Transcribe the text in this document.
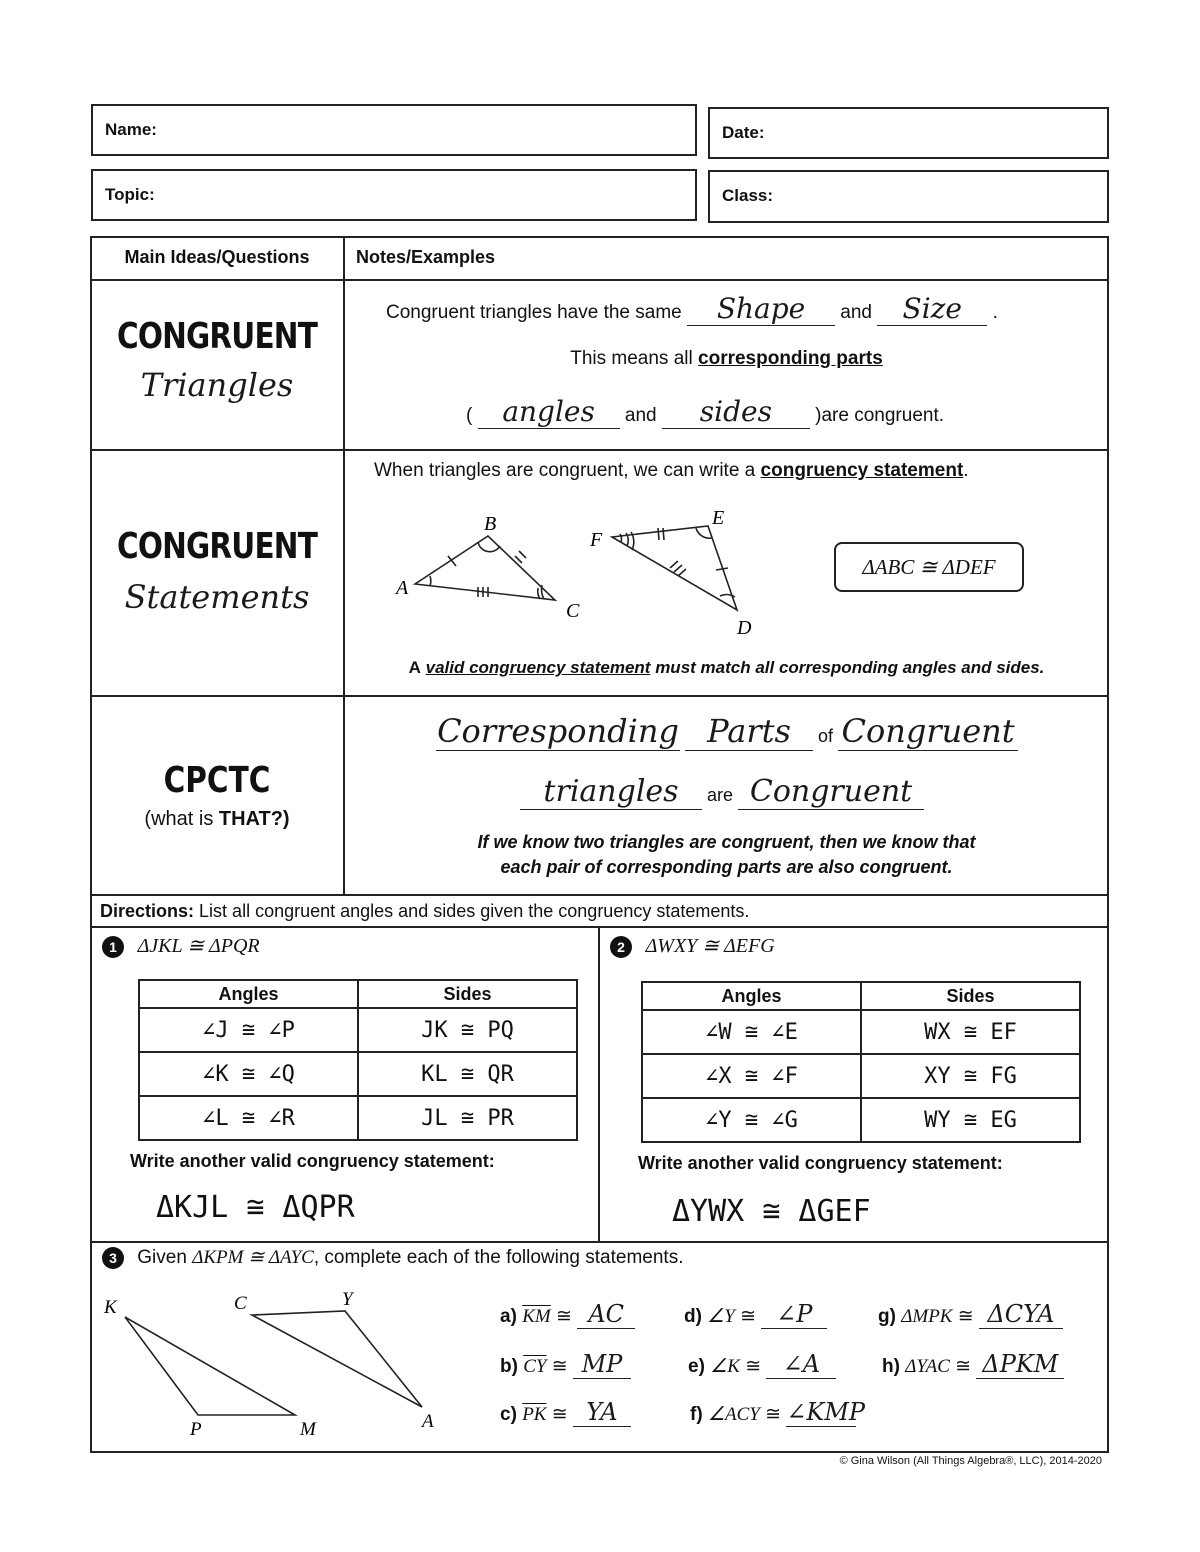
Name:	Date:
Topic:	Class:
Main Ideas/Questions	Notes/Examples
CONGRUENT
Triangles
Congruent triangles have the same Shape and Size .
This means all corresponding parts
( angles and sides )are congruent.
CONGRUENT
Statements
When triangles are congruent, we can write a congruency statement.
A
B
C
D
E
F
ΔABC ≅ ΔDEF
A valid congruency statement must match all corresponding angles and sides.
CPCTC
(what is THAT?)
Corresponding Parts of Congruent
triangles are Congruent
If we know two triangles are congruent, then we know that
each pair of corresponding parts are also congruent.
Directions: List all congruent angles and sides given the congruency statements.
1 ΔJKL ≅ ΔPQR
Angles	Sides
∠J ≅ ∠P	JK ≅ PQ
∠K ≅ ∠Q	KL ≅ QR
∠L ≅ ∠R	JL ≅ PR
Write another valid congruency statement:
ΔKJL ≅ ΔQPR
2 ΔWXY ≅ ΔEFG
Angles	Sides
∠W ≅ ∠E	WX ≅ EF
∠X ≅ ∠F	XY ≅ FG
∠Y ≅ ∠G	WY ≅ EG
Write another valid congruency statement:
ΔYWX ≅ ΔGEF
3 Given ΔKPM ≅ ΔAYC, complete each of the following statements.
K	C	Y
P	M	A
a) $\overline{KM}$ ≅ AC
b) $\overline{CY}$ ≅ MP
c) $\overline{PK}$ ≅ YA
d) ∠Y ≅ ∠P
e) ∠K ≅ ∠A
f) ∠ACY ≅ ∠KMP
g) ΔMPK ≅ ΔCYA
h) ΔYAC ≅ ΔPKM
© Gina Wilson (All Things Algebra®, LLC), 2014-2020
